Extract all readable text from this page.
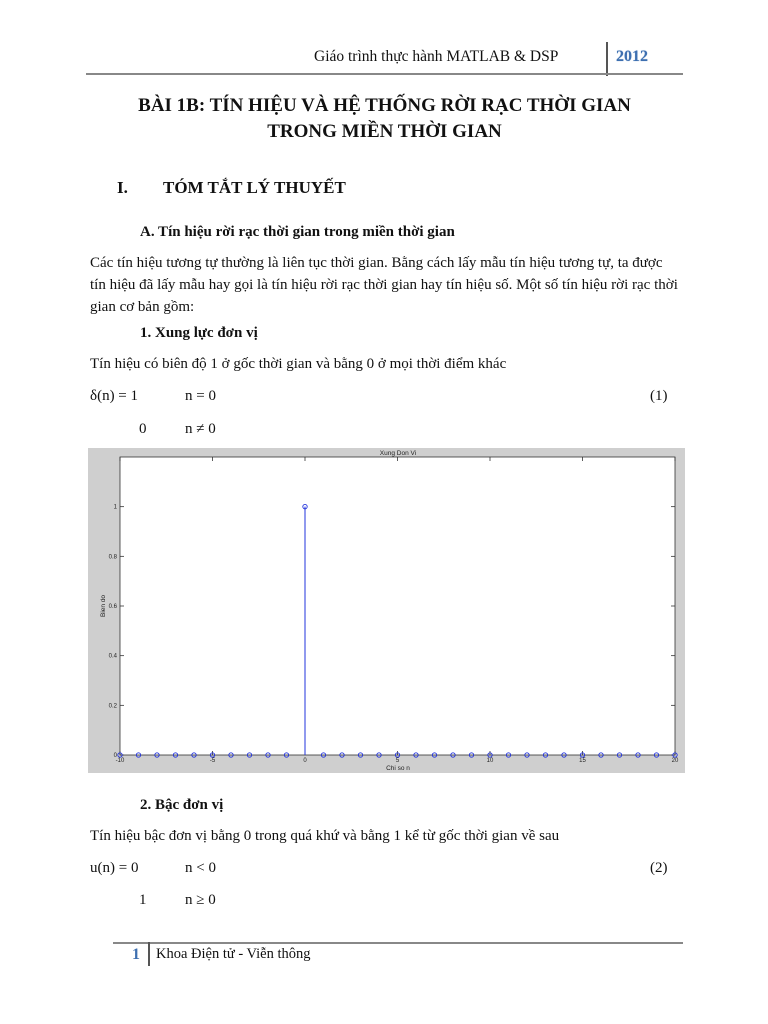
Giáo trình thực hành MATLAB & DSP	2012
BÀI 1B: TÍN HIỆU VÀ HỆ THỐNG RỜI RẠC THỜI GIAN
TRONG MIỀN THỜI GIAN
I. TÓM TẮT LÝ THUYẾT
A. Tín hiệu rời rạc thời gian trong miền thời gian
Các tín hiệu tương tự thường là liên tục thời gian. Bằng cách lấy mẫu tín hiệu tương tự, ta được tín hiệu đã lấy mẫu hay gọi là tín hiệu rời rạc thời gian hay tín hiệu số. Một số tín hiệu rời rạc thời gian cơ bản gồm:
1. Xung lực đơn vị
Tín hiệu có biên độ 1 ở gốc thời gian và bằng 0 ở mọi thời điểm khác
δ(n) = 1	n = 0	(1)
0	n ≠ 0
Xung Don Vi
Chi so n
Bien do
-10	-5	0	5	10	15	20
0
0.2
0.4
0.6
0.8
1
2. Bậc đơn vị
Tín hiệu bậc đơn vị bằng 0 trong quá khứ và bằng 1 kể từ gốc thời gian về sau
u(n) = 0	n < 0	(2)
1	n ≥ 0
1 Khoa Điện tử - Viễn thông
